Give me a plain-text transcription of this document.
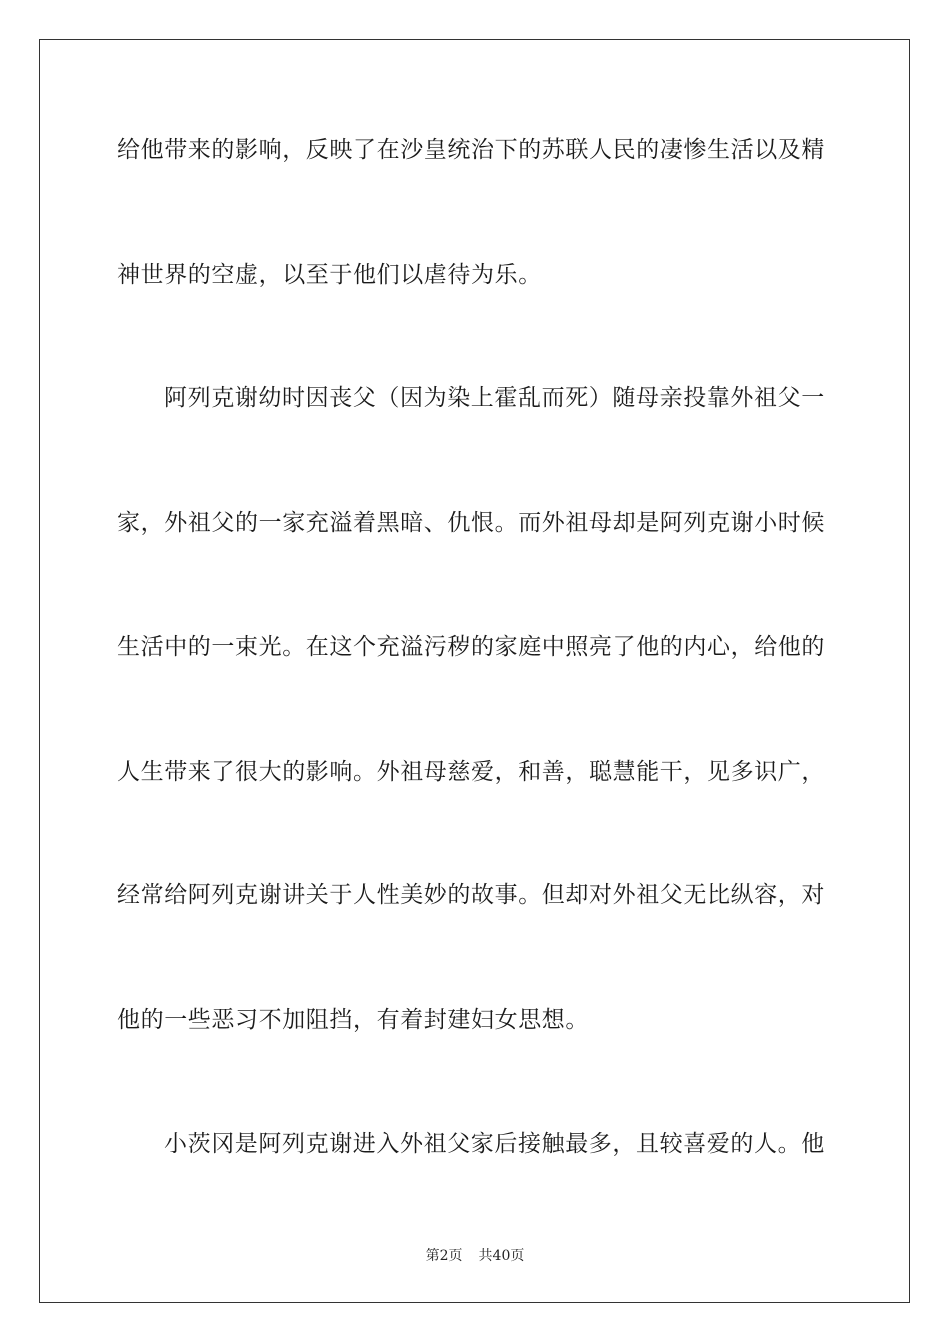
给他带来的影响，反映了在沙皇统治下的苏联人民的凄惨生活以及精
神世界的空虚，以至于他们以虐待为乐。
阿列克谢幼时因丧父（因为染上霍乱而死）随母亲投靠外祖父一
家，外祖父的一家充溢着黑暗、仇恨。而外祖母却是阿列克谢小时候
生活中的一束光。在这个充溢污秽的家庭中照亮了他的内心，给他的
人生带来了很大的影响。外祖母慈爱，和善，聪慧能干，见多识广，
经常给阿列克谢讲关于人性美妙的故事。但却对外祖父无比纵容，对
他的一些恶习不加阻挡，有着封建妇女思想。
小茨冈是阿列克谢进入外祖父家后接触最多，且较喜爱的人。他
第2页 共40页
